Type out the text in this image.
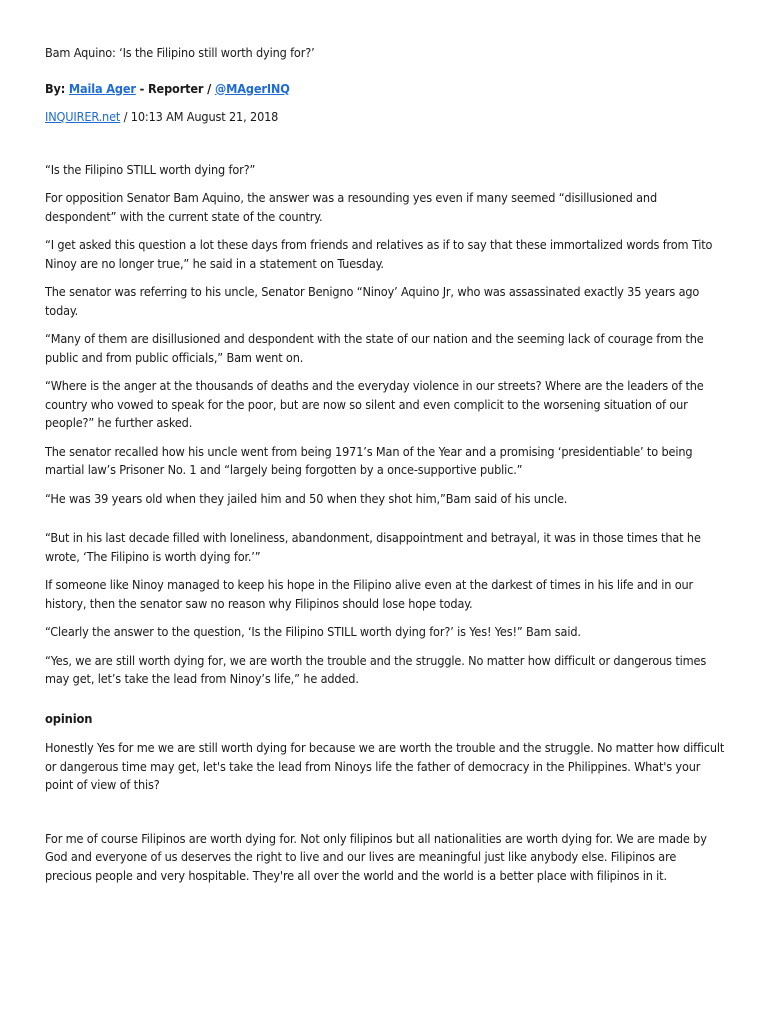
Bam Aquino: ‘Is the Filipino still worth dying for?’
By: Maila Ager - Reporter / @MAgerINQ
INQUIRER.net / 10:13 AM August 21, 2018

“Is the Filipino STILL worth dying for?”

For opposition Senator Bam Aquino, the answer was a resounding yes even if many seemed “disillusioned and despondent” with the current state of the country.

“I get asked this question a lot these days from friends and relatives as if to say that these immortalized words from Tito Ninoy are no longer true,” he said in a statement on Tuesday.

The senator was referring to his uncle, Senator Benigno “Ninoy’ Aquino Jr, who was assassinated exactly 35 years ago today.

“Many of them are disillusioned and despondent with the state of our nation and the seeming lack of courage from the public and from public officials,” Bam went on.

“Where is the anger at the thousands of deaths and the everyday violence in our streets? Where are the leaders of the country who vowed to speak for the poor, but are now so silent and even complicit to the worsening situation of our people?” he further asked.

The senator recalled how his uncle went from being 1971’s Man of the Year and a promising ‘presidentiable’ to being martial law’s Prisoner No. 1 and “largely being forgotten by a once-supportive public.”

“He was 39 years old when they jailed him and 50 when they shot him,”Bam said of his uncle.

“But in his last decade filled with loneliness, abandonment, disappointment and betrayal, it was in those times that he wrote, ‘The Filipino is worth dying for.’”

If someone like Ninoy managed to keep his hope in the Filipino alive even at the darkest of times in his life and in our history, then the senator saw no reason why Filipinos should lose hope today.

“Clearly the answer to the question, ‘Is the Filipino STILL worth dying for?’ is Yes! Yes!” Bam said.

“Yes, we are still worth dying for, we are worth the trouble and the struggle. No matter how difficult or dangerous times may get, let’s take the lead from Ninoy’s life,” he added.

opinion

Honestly Yes for me we are still worth dying for because we are worth the trouble and the struggle. No matter how difficult or dangerous time may get, let's take the lead from Ninoys life the father of democracy in the Philippines. What's your point of view of this?

For me of course Filipinos are worth dying for. Not only filipinos but all nationalities are worth dying for. We are made by God and everyone of us deserves the right to live and our lives are meaningful just like anybody else. Filipinos are precious people and very hospitable. They're all over the world and the world is a better place with filipinos in it.
